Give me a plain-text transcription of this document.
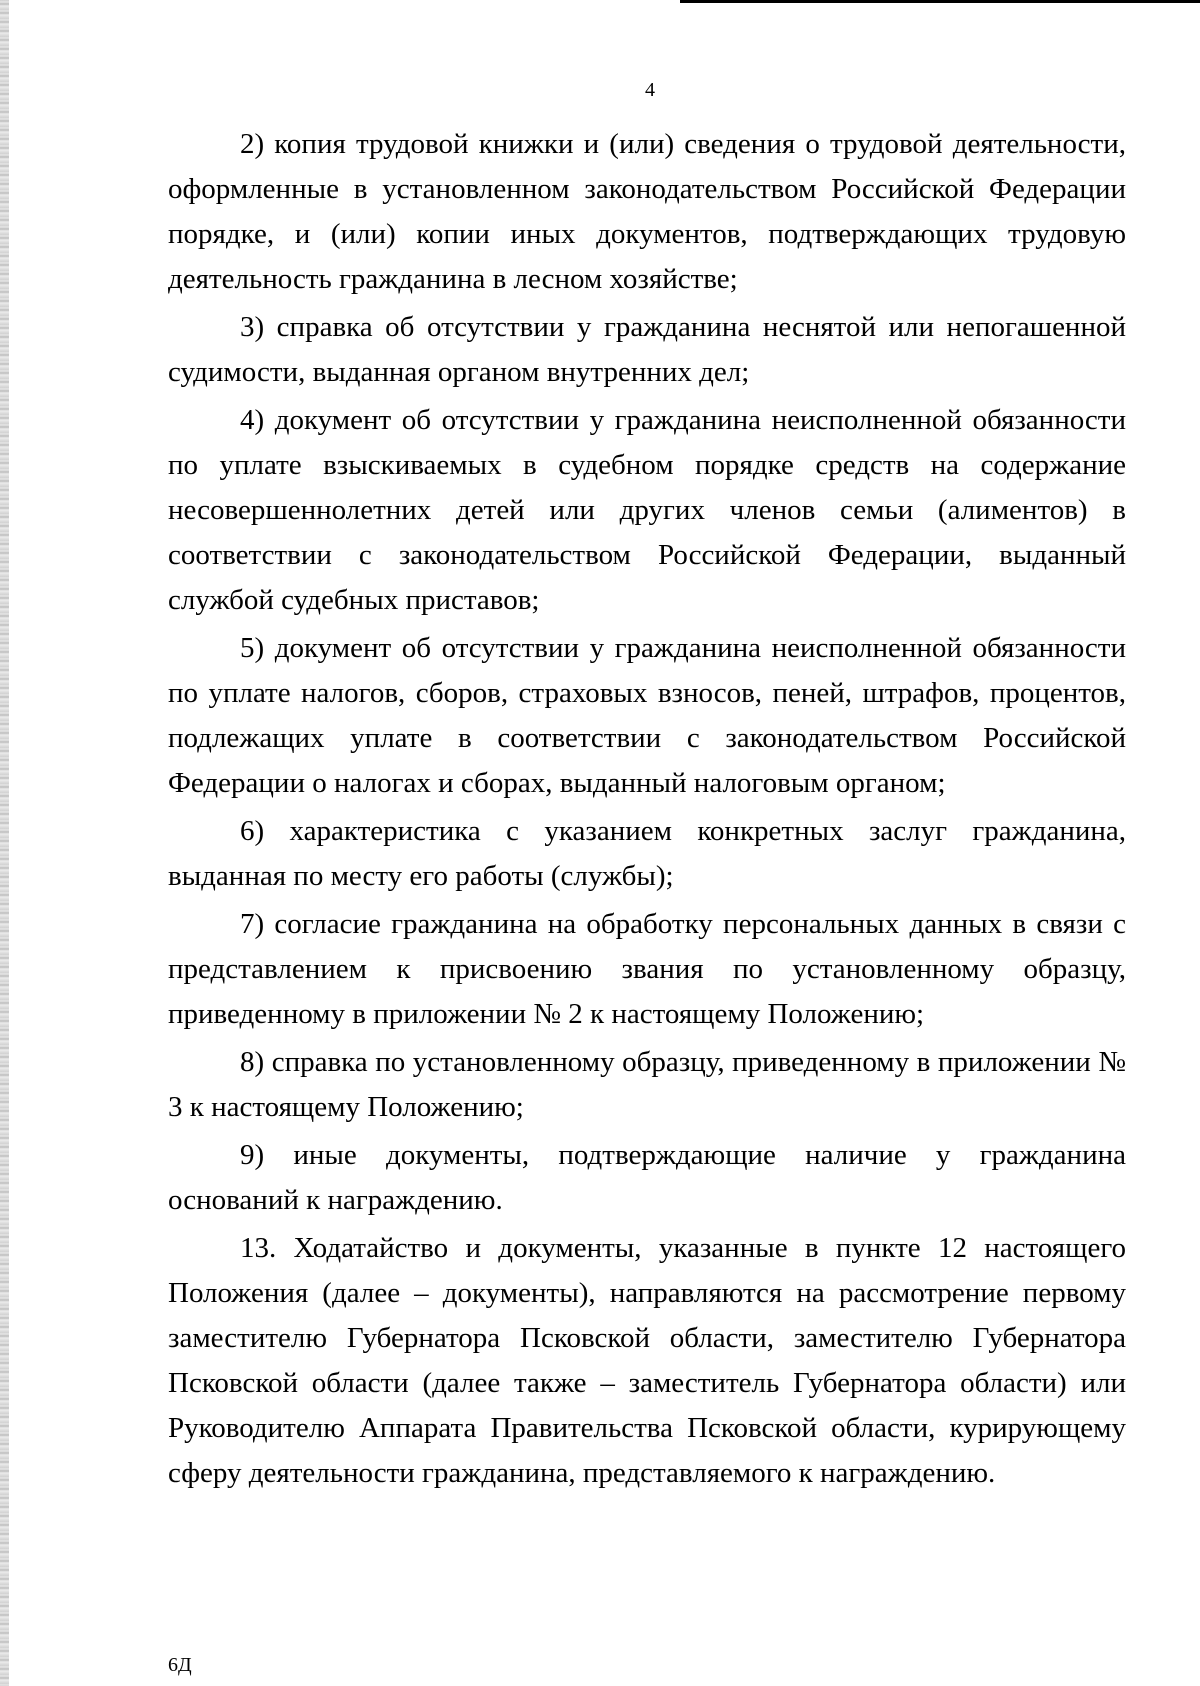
4

2) копия трудовой книжки и (или) сведения о трудовой деятельности, оформленные в установленном законодательством Российской Федерации порядке, и (или) копии иных документов, подтверждающих трудовую деятельность гражданина в лесном хозяйстве;

3) справка об отсутствии у гражданина неснятой или непогашенной судимости, выданная органом внутренних дел;

4) документ об отсутствии у гражданина неисполненной обязанности по уплате взыскиваемых в судебном порядке средств на содержание несовершеннолетних детей или других членов семьи (алиментов) в соответствии с законодательством Российской Федерации, выданный службой судебных приставов;

5) документ об отсутствии у гражданина неисполненной обязанности по уплате налогов, сборов, страховых взносов, пеней, штрафов, процентов, подлежащих уплате в соответствии с законодательством Российской Федерации о налогах и сборах, выданный налоговым органом;

6) характеристика с указанием конкретных заслуг гражданина, выданная по месту его работы (службы);

7) согласие гражданина на обработку персональных данных в связи с представлением к присвоению звания по установленному образцу, приведенному в приложении № 2 к настоящему Положению;

8) справка по установленному образцу, приведенному в приложении № 3 к настоящему Положению;

9) иные документы, подтверждающие наличие у гражданина оснований к награждению.

13. Ходатайство и документы, указанные в пункте 12 настоящего Положения (далее – документы), направляются на рассмотрение первому заместителю Губернатора Псковской области, заместителю Губернатора Псковской области (далее также – заместитель Губернатора области) или Руководителю Аппарата Правительства Псковской области, курирующему сферу деятельности гражданина, представляемого к награждению.

6Д
